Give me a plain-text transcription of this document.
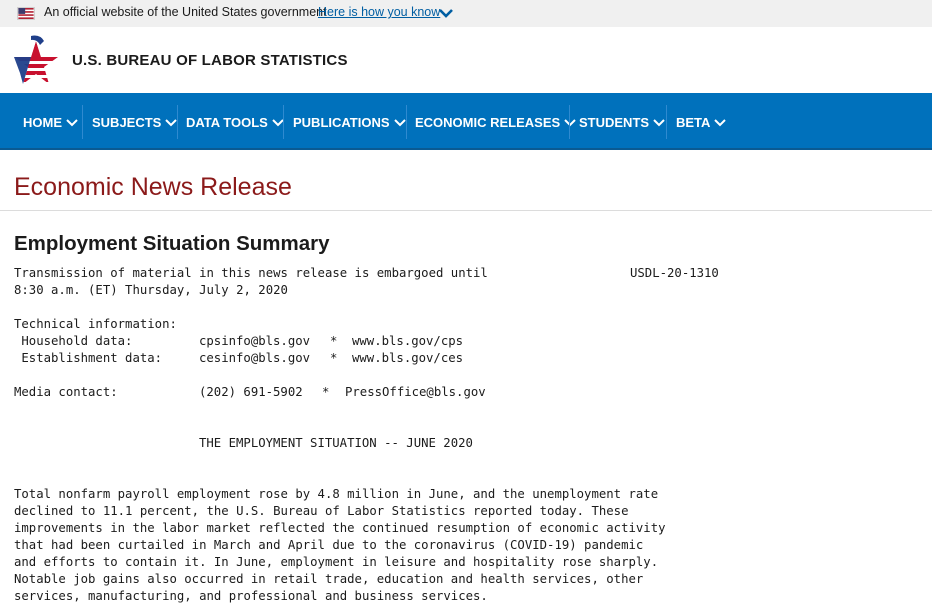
An official website of the United States government
Here is how you know
U.S. BUREAU OF LABOR STATISTICS
HOME SUBJECTS DATA TOOLS PUBLICATIONS ECONOMIC RELEASES STUDENTS BETA
Economic News Release
Employment Situation Summary
Transmission of material in this news release is embargoed until	USDL-20-1310
8:30 a.m. (ET) Thursday, July 2, 2020
Technical information:
Household data:	cpsinfo@bls.gov * www.bls.gov/cps
Establishment data:	cesinfo@bls.gov * www.bls.gov/ces
Media contact:	(202) 691-5902 * PressOffice@bls.gov
THE EMPLOYMENT SITUATION -- JUNE 2020
Total nonfarm payroll employment rose by 4.8 million in June, and the unemployment rate
declined to 11.1 percent, the U.S. Bureau of Labor Statistics reported today. These
improvements in the labor market reflected the continued resumption of economic activity
that had been curtailed in March and April due to the coronavirus (COVID-19) pandemic
and efforts to contain it. In June, employment in leisure and hospitality rose sharply.
Notable job gains also occurred in retail trade, education and health services, other
services, manufacturing, and professional and business services.
